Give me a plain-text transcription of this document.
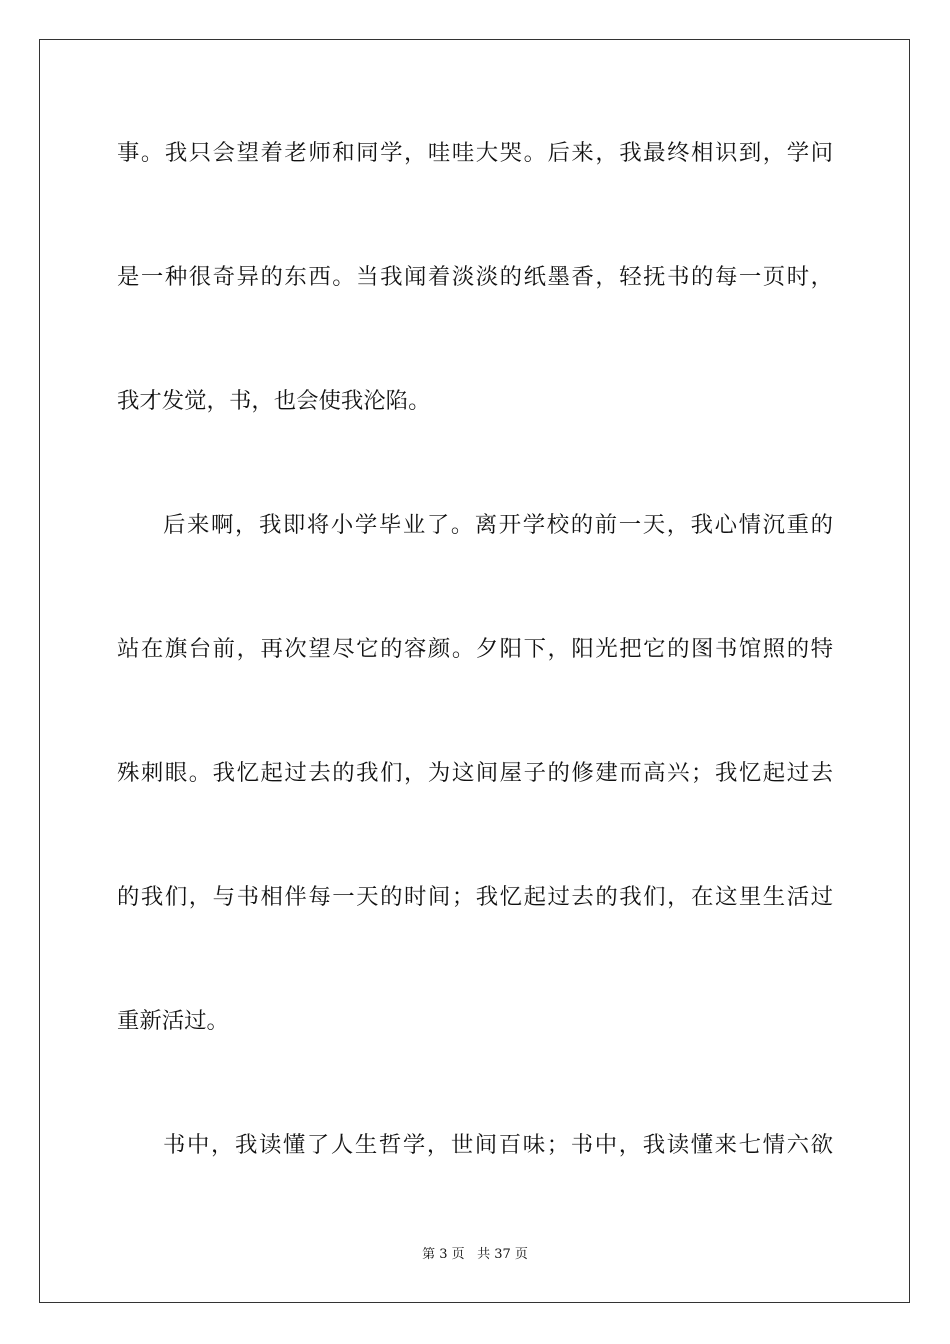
事。我只会望着老师和同学，哇哇大哭。后来，我最终相识到，学问
是一种很奇异的东西。当我闻着淡淡的纸墨香，轻抚书的每一页时，
我才发觉，书，也会使我沦陷。
后来啊，我即将小学毕业了。离开学校的前一天，我心情沉重的
站在旗台前，再次望尽它的容颜。夕阳下，阳光把它的图书馆照的特
殊刺眼。我忆起过去的我们，为这间屋子的修建而高兴；我忆起过去
的我们，与书相伴每一天的时间；我忆起过去的我们，在这里生活过
重新活过。
书中，我读懂了人生哲学，世间百味；书中，我读懂来七情六欲
第 3 页 共 37 页
